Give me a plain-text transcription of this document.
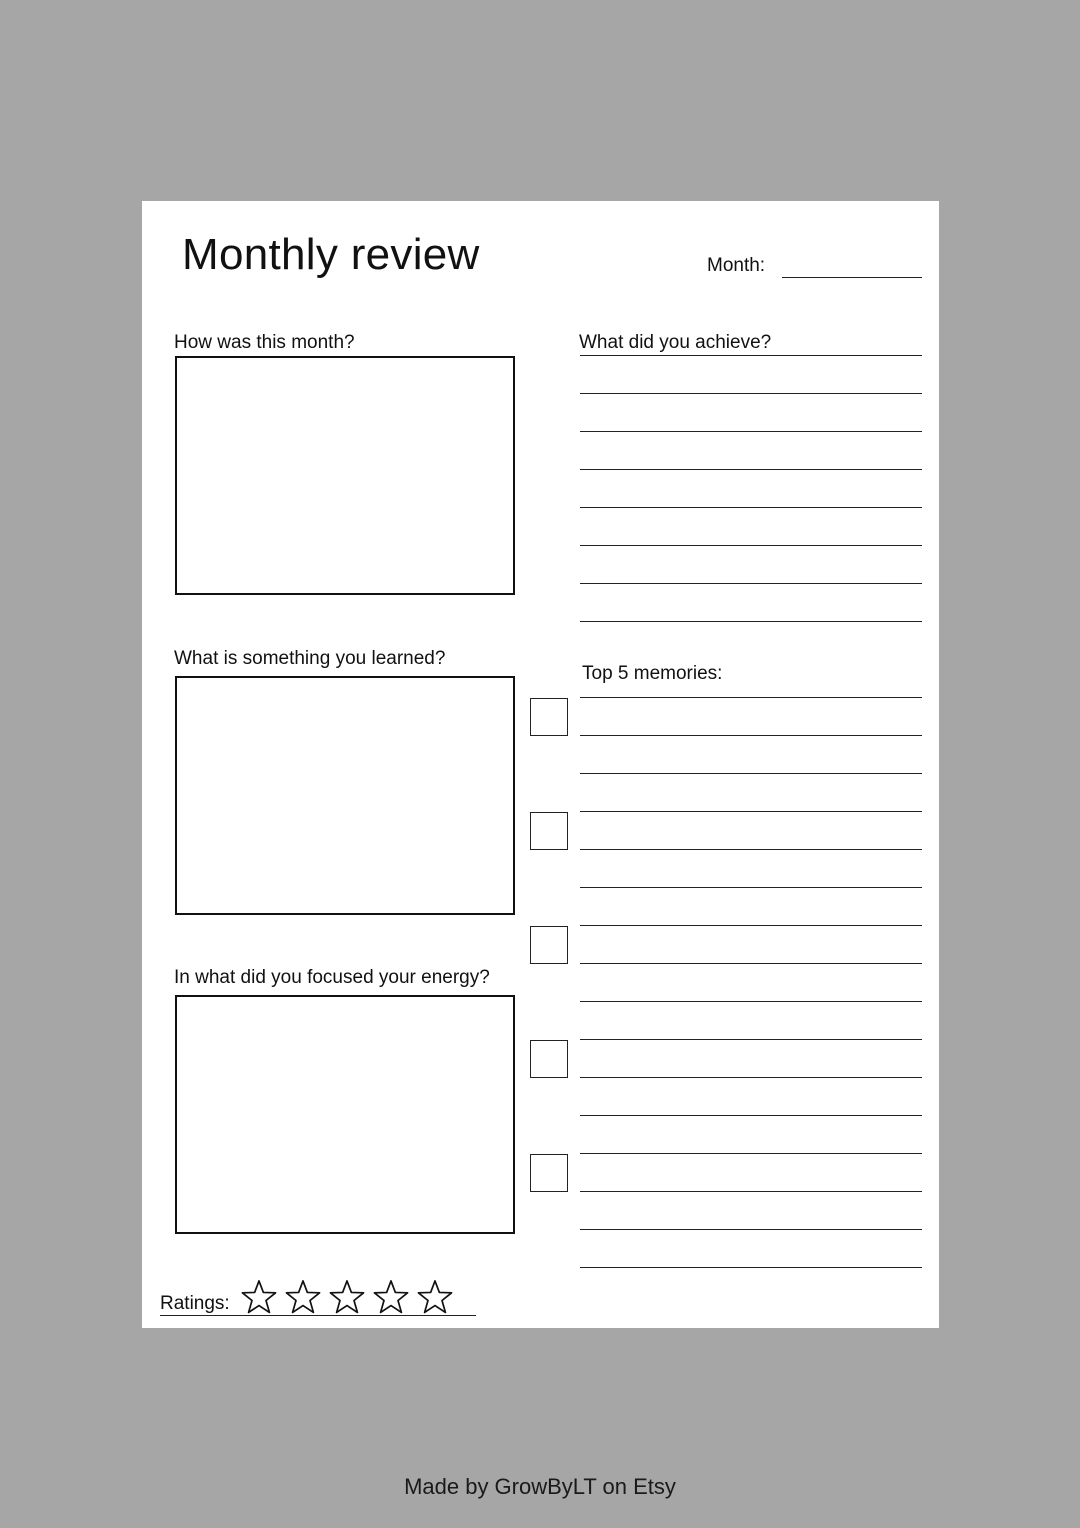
Monthly review	Month:
How was this month?
What is something you learned?
In what did you focused your energy?
What did you achieve?
Top 5 memories:
Ratings:
Made by GrowByLT on Etsy
